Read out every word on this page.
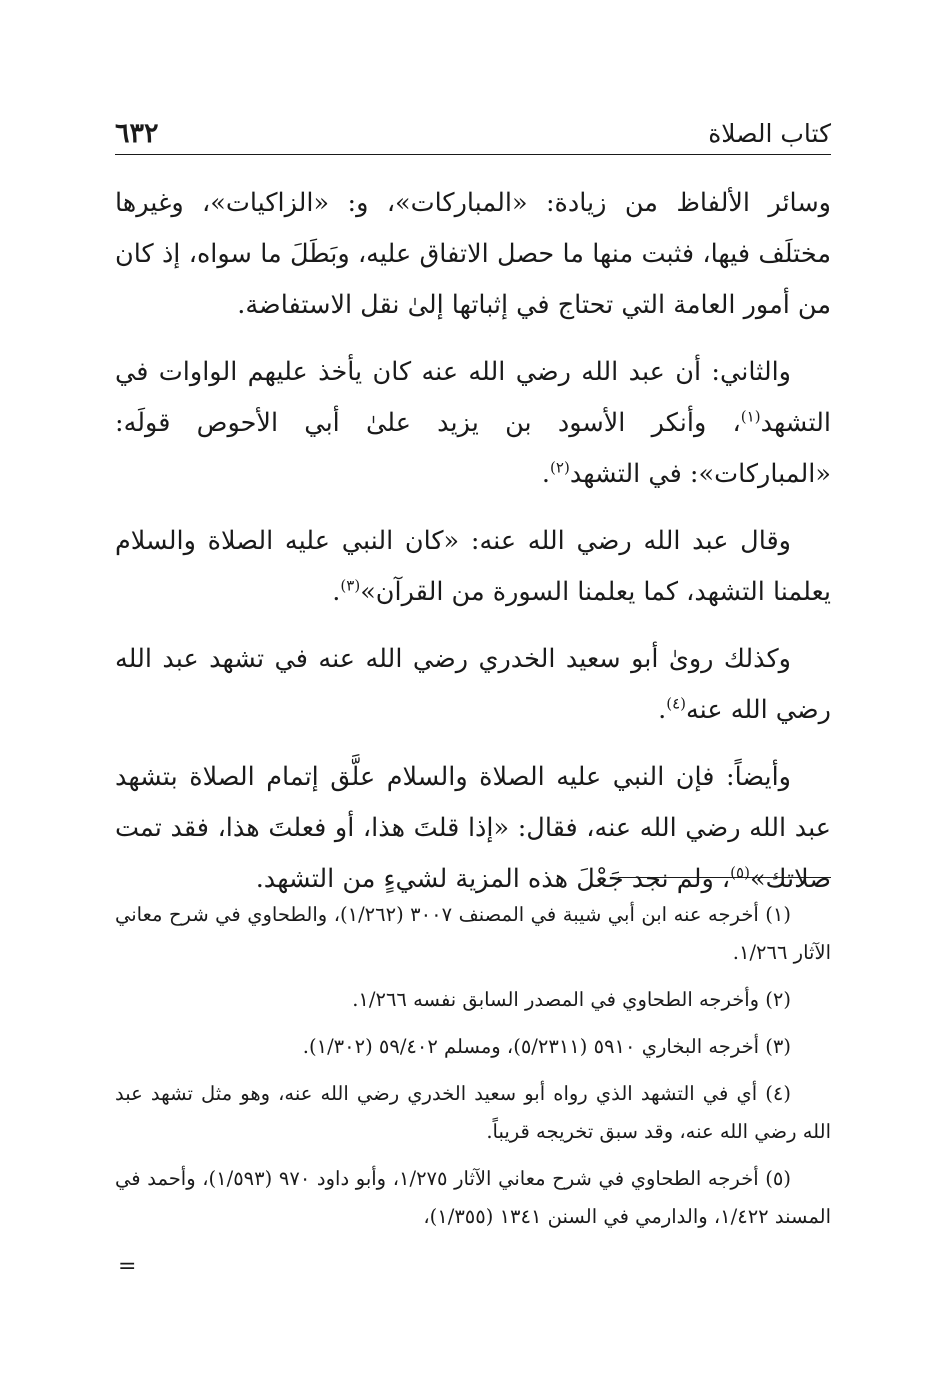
كتاب الصلاة
٦٣٢

وسائر الألفاظ من زيادة: «المباركات»، و: «الزاكيات»، وغيرها مختلَف فيها، فثبت منها ما حصل الاتفاق عليه، وبَطَلَ ما سواه، إذ كان من أمور العامة التي تحتاج في إثباتها إلىٰ نقل الاستفاضة.

والثاني: أن عبد الله رضي الله عنه كان يأخذ عليهم الواوات في التشهد$^{(١)}$، وأنكر الأسود بن يزيد علىٰ أبي الأحوص قولَه: «المباركات»: في التشهد$^{(٢)}$.

وقال عبد الله رضي الله عنه: «كان النبي عليه الصلاة والسلام يعلمنا التشهد، كما يعلمنا السورة من القرآن»$^{(٣)}$.

وكذلك روىٰ أبو سعيد الخدري رضي الله عنه في تشهد عبد الله رضي الله عنه$^{(٤)}$.

وأيضاً: فإن النبي عليه الصلاة والسلام علَّق إتمام الصلاة بتشهد عبد الله رضي الله عنه، فقال: «إذا قلتَ هذا، أو فعلتَ هذا، فقد تمت صلاتك»$^{(٥)}$، ولم نجد جَعْلَ هذه المزية لشيءٍ من التشهد.

(١) أخرجه عنه ابن أبي شيبة في المصنف ٣٠٠٧ (١/٢٦٢)، والطحاوي في شرح معاني الآثار ١/٢٦٦.

(٢) وأخرجه الطحاوي في المصدر السابق نفسه ١/٢٦٦.

(٣) أخرجه البخاري ٥٩١٠ (٥/٢٣١١)، ومسلم ٥٩/٤٠٢ (١/٣٠٢).

(٤) أي في التشهد الذي رواه أبو سعيد الخدري رضي الله عنه، وهو مثل تشهد عبد الله رضي الله عنه، وقد سبق تخريجه قريباً.

(٥) أخرجه الطحاوي في شرح معاني الآثار ١/٢٧٥، وأبو داود ٩٧٠ (١/٥٩٣)، وأحمد في المسند ١/٤٢٢، والدارمي في السنن ١٣٤١ (١/٣٥٥)،

=
